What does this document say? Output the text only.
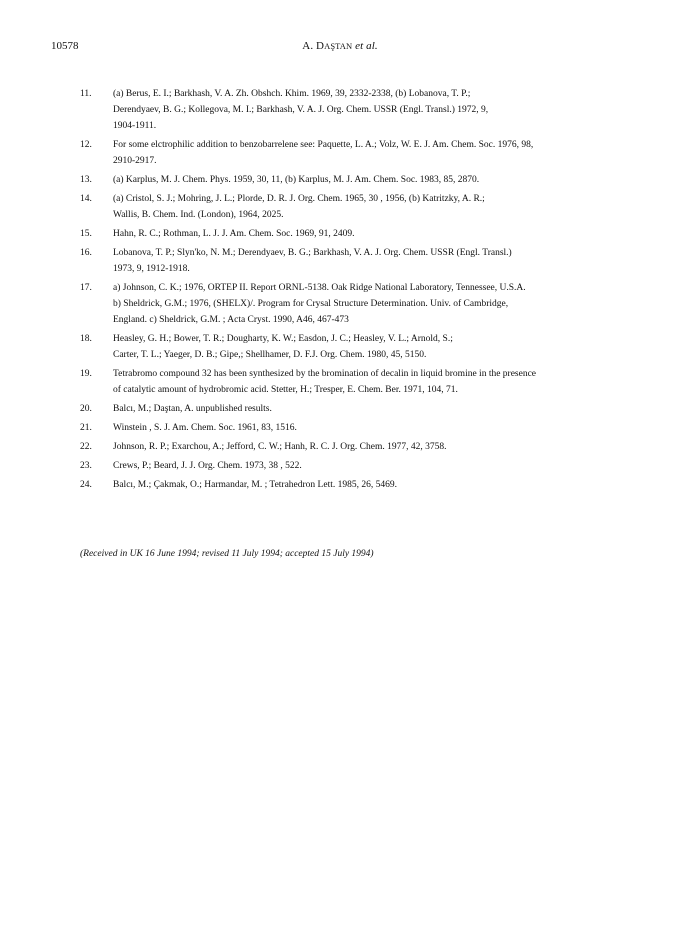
10578	A. DAŞTAN et al.
11.	(a) Berus, E. I.; Barkhash, V. A. Zh. Obshch. Khim. 1969, 39, 2332-2338, (b) Lobanova, T. P.;
Derendyaev, B. G.; Kollegova, M. I.; Barkhash, V. A. J. Org. Chem. USSR (Engl. Transl.) 1972, 9,
1904-1911.
12.	For some elctrophilic addition to benzobarrelene see: Paquette, L. A.; Volz, W. E. J. Am. Chem. Soc. 1976, 98,
2910-2917.
13.	(a) Karplus, M. J. Chem. Phys. 1959, 30, 11, (b) Karplus, M. J. Am. Chem. Soc. 1983, 85, 2870.
14.	(a) Cristol, S. J.; Mohring, J. L.; Plorde, D. R. J. Org. Chem. 1965, 30 , 1956, (b) Katritzky, A. R.;
Wallis, B. Chem. Ind. (London), 1964, 2025.
15.	Hahn, R. C.; Rothman, L. J. J. Am. Chem. Soc. 1969, 91, 2409.
16.	Lobanova, T. P.; Slyn'ko, N. M.; Derendyaev, B. G.; Barkhash, V. A. J. Org. Chem. USSR (Engl. Transl.)
1973, 9, 1912-1918.
17.	a) Johnson, C. K.; 1976, ORTEP II. Report ORNL-5138. Oak Ridge National Laboratory, Tennessee, U.S.A.
b) Sheldrick, G.M.; 1976, (SHELX)/. Program for Crysal Structure Determination. Univ. of Cambridge,
England. c) Sheldrick, G.M. ; Acta Cryst. 1990, A46, 467-473
18.	Heasley, G. H.; Bower, T. R.; Dougharty, K. W.; Easdon, J. C.; Heasley, V. L.; Arnold, S.;
Carter, T. L.; Yaeger, D. B.; Gipe,; Shellhamer, D. F.J. Org. Chem. 1980, 45, 5150.
19.	Tetrabromo compound 32 has been synthesized by the bromination of decalin in liquid bromine in the presence
of catalytic amount of hydrobromic acid. Stetter, H.; Tresper, E. Chem. Ber. 1971, 104, 71.
20.	Balcı, M.; Daştan, A. unpublished results.
21.	Winstein , S. J. Am. Chem. Soc. 1961, 83, 1516.
22.	Johnson, R. P.; Exarchou, A.; Jefford, C. W.; Hanh, R. C. J. Org. Chem. 1977, 42, 3758.
23.	Crews, P.; Beard, J. J. Org. Chem. 1973, 38 , 522.
24.	Balcı, M.; Çakmak, O.; Harmandar, M. ; Tetrahedron Lett. 1985, 26, 5469.
(Received in UK 16 June 1994; revised 11 July 1994; accepted 15 July 1994)
